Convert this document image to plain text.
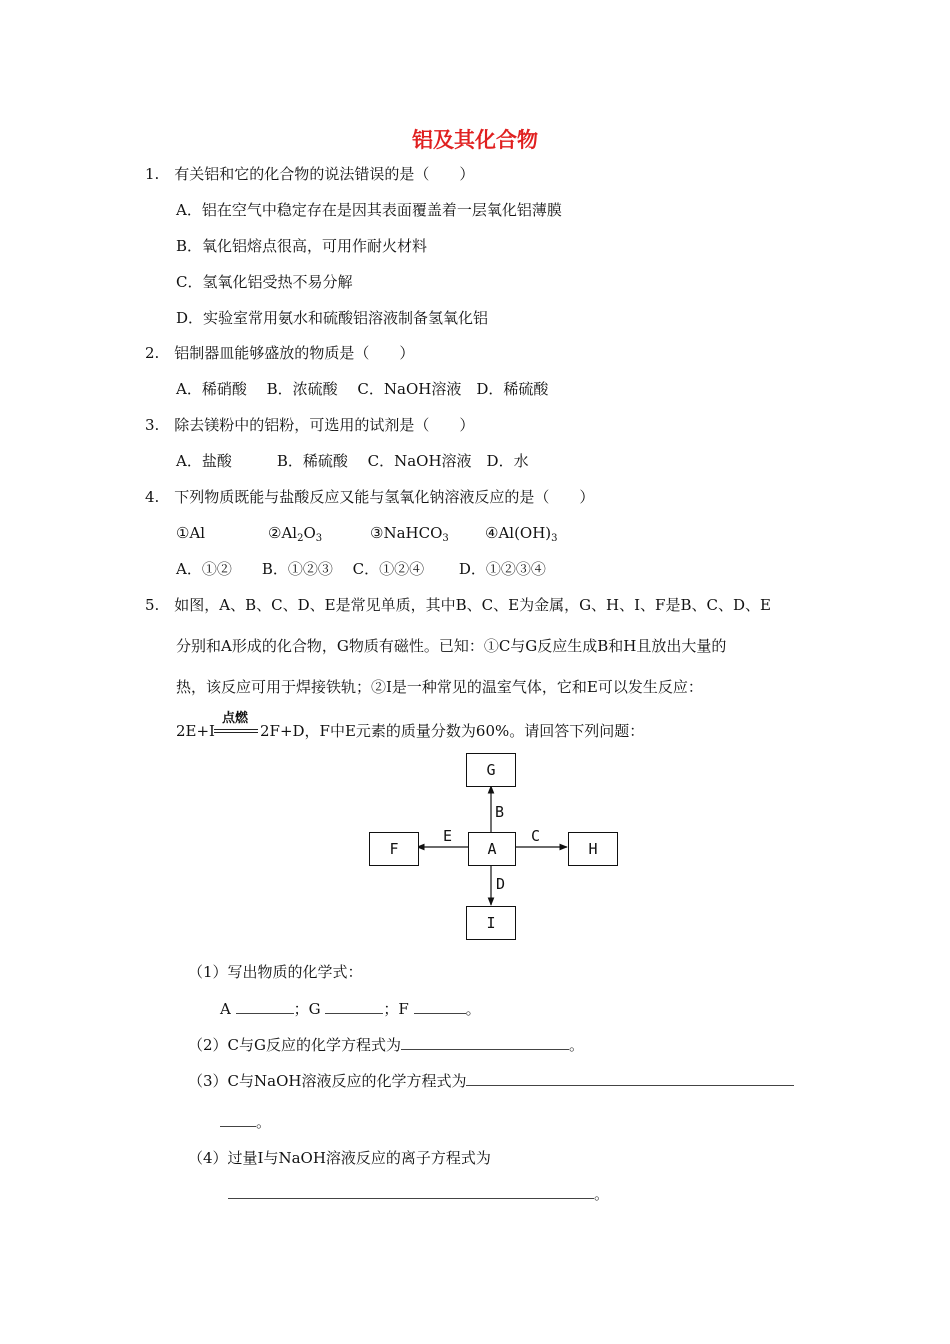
铝及其化合物
1.　有关铝和它的化合物的说法错误的是（　　）
A．铝在空气中稳定存在是因其表面覆盖着一层氧化铝薄膜
B．氧化铝熔点很高，可用作耐火材料
C．氢氧化铝受热不易分解
D．实验室常用氨水和硫酸铝溶液制备氢氧化铝
2.　铝制器皿能够盛放的物质是（　　）
A．稀硝酸　 B．浓硫酸　 C．NaOH溶液　D．稀硫酸
3.　除去镁粉中的铝粉，可选用的试剂是（　　）
A．盐酸　　　B．稀硫酸　 C．NaOH溶液　D．水
4.　下列物质既能与盐酸反应又能与氢氧化钠溶液反应的是（　　）
①Al	$②Al_2O_3$	③NaHCO$_3$ $④Al(OH)_3$
A．①②　　B．①②③　 C．①②④　　 D．①②③④
5.　如图，A、B、C、D、E是常见单质，其中B、C、E为金属，G、H、I、F是B、C、D、E
分别和A形成的化合物，G物质有磁性。已知：①C与G反应生成B和H且放出大量的
热，该反应可用于焊接铁轨；②I是一种常见的温室气体，它和E可以发生反应：
2E+I
点燃
2F+D，F中E元素的质量分数为60%。请回答下列问题：
G
F	A	H
I
B
E	C
D
（1）写出物质的化学式：
A	；G	；F	。
（2）C与G反应的化学方程式为	。
（3）C与NaOH溶液反应的化学方程式为
。
（4）过量I与NaOH溶液反应的离子方程式为
。
